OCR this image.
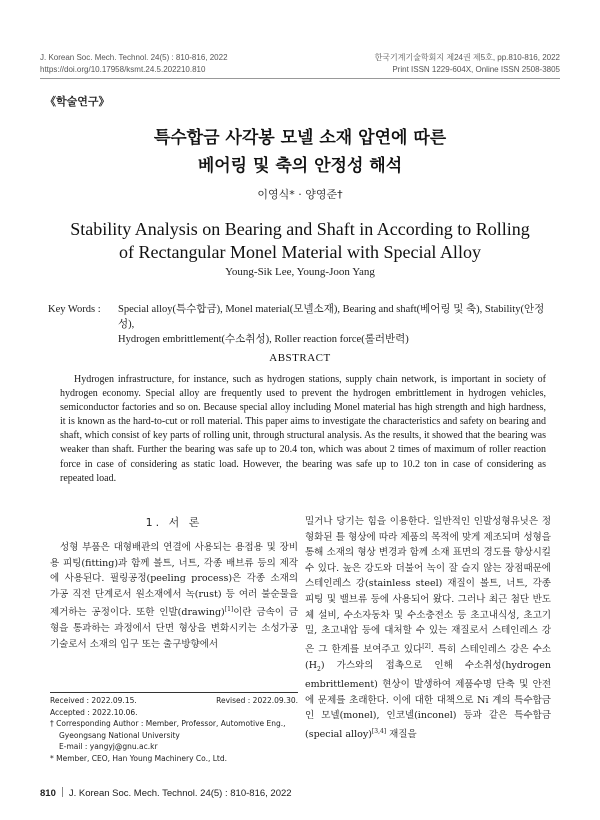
J. Korean Soc. Mech. Technol. 24(5) : 810-816, 2022
https://doi.org/10.17958/ksmt.24.5.202210.810
한국기계기술학회지 제24권 제5호, pp.810-816, 2022
Print ISSN 1229-604X, Online ISSN 2508-3805
《학술연구》
특수합금 사각봉 모넬 소재 압연에 따른
베어링 및 축의 안정성 해석
이영식* · 양영준†
Stability Analysis on Bearing and Shaft in According to Rolling
of Rectangular Monel Material with Special Alloy
Young-Sik Lee, Young-Joon Yang
Key Words : Special alloy(특수합금), Monel material(모넬소재), Bearing and shaft(베어링 및 축), Stability(안정성),
Hydrogen embrittlement(수소취성), Roller reaction force(롤러반력)
ABSTRACT
Hydrogen infrastructure, for instance, such as hydrogen stations, supply chain network, is important in society of hydrogen economy. Special alloy are frequently used to prevent the hydrogen embrittlement in hydrogen vehicles, semiconductor factories and so on. Because special alloy including Monel material has high strength and high hardness, it is known as the hard-to-cut or roll material. This paper aims to investigate the characteristics and safety on bearing and shaft, which consist of key parts of rolling unit, through structural analysis. As the results, it showed that the bearing was weaker than shaft. Further the bearing was safe up to 20.4 ton, which was about 2 times of maximum of roller reaction force in case of considering as static load. However, the bearing was safe up to 10.2 ton in case of considering as repeated load.
1. 서 론

성형 부품은 대형배관의 연결에 사용되는 용접용 및 장비용 피팅(fitting)과 함께 볼트, 너트, 각종 배브류 등의 제작에 사용된다. 필링공정(peeling process)은 각종 소재의 가공 직전 단계로서 원소재에서 녹(rust) 등 여러 불순물을 제거하는 공정이다. 또한 인발(drawing)[1]이란 금속이 금형을 통과하는 과정에서 단면 형상을 변화시키는 소성가공 기술로서 소재의 입구 또는 출구방향에서

Received : 2022.09.15.	Revised : 2022.09.30.
Accepted : 2022.10.06.
† Corresponding Author : Member, Professor, Automotive Eng.,
Gyeongsang National University
E-mail : yangyj@gnu.ac.kr
* Member, CEO, Han Young Machinery Co., Ltd.

밀거나 당기는 힘을 이용한다. 일반적인 인발성형유닛은 정형화된 틀 형상에 따라 제품의 목적에 맞게 제조되며 성형을 통해 소재의 형상 변경과 함께 소재 표면의 경도를 향상시킬 수 있다. 높은 강도와 더불어 녹이 잘 슬지 않는 장점때문에 스테인레스 강(stainless steel) 재질이 볼트, 너트, 각종 피팅 및 밸브류 등에 사용되어 왔다. 그러나 최근 첨단 반도체 설비, 수소자동차 및 수소충전소 등 초고내식성, 초고기밀, 초고내압 등에 대처할 수 있는 재질로서 스테인레스 강은 그 한계를 보여주고 있다[2]. 특히 스테인레스 강은 수소$(H_2)$ 가스와의 접촉으로 인해 수소취성(hydrogen embrittlement) 현상이 발생하여 제품수명 단축 및 안전에 문제를 초래한다. 이에 대한 대책으로 Ni 계의 특수합금인 모넬(monel), 인코넬(inconel) 등과 같은 특수합금(special alloy)[3,4] 재질을

810 J. Korean Soc. Mech. Technol. 24(5) : 810-816, 2022
